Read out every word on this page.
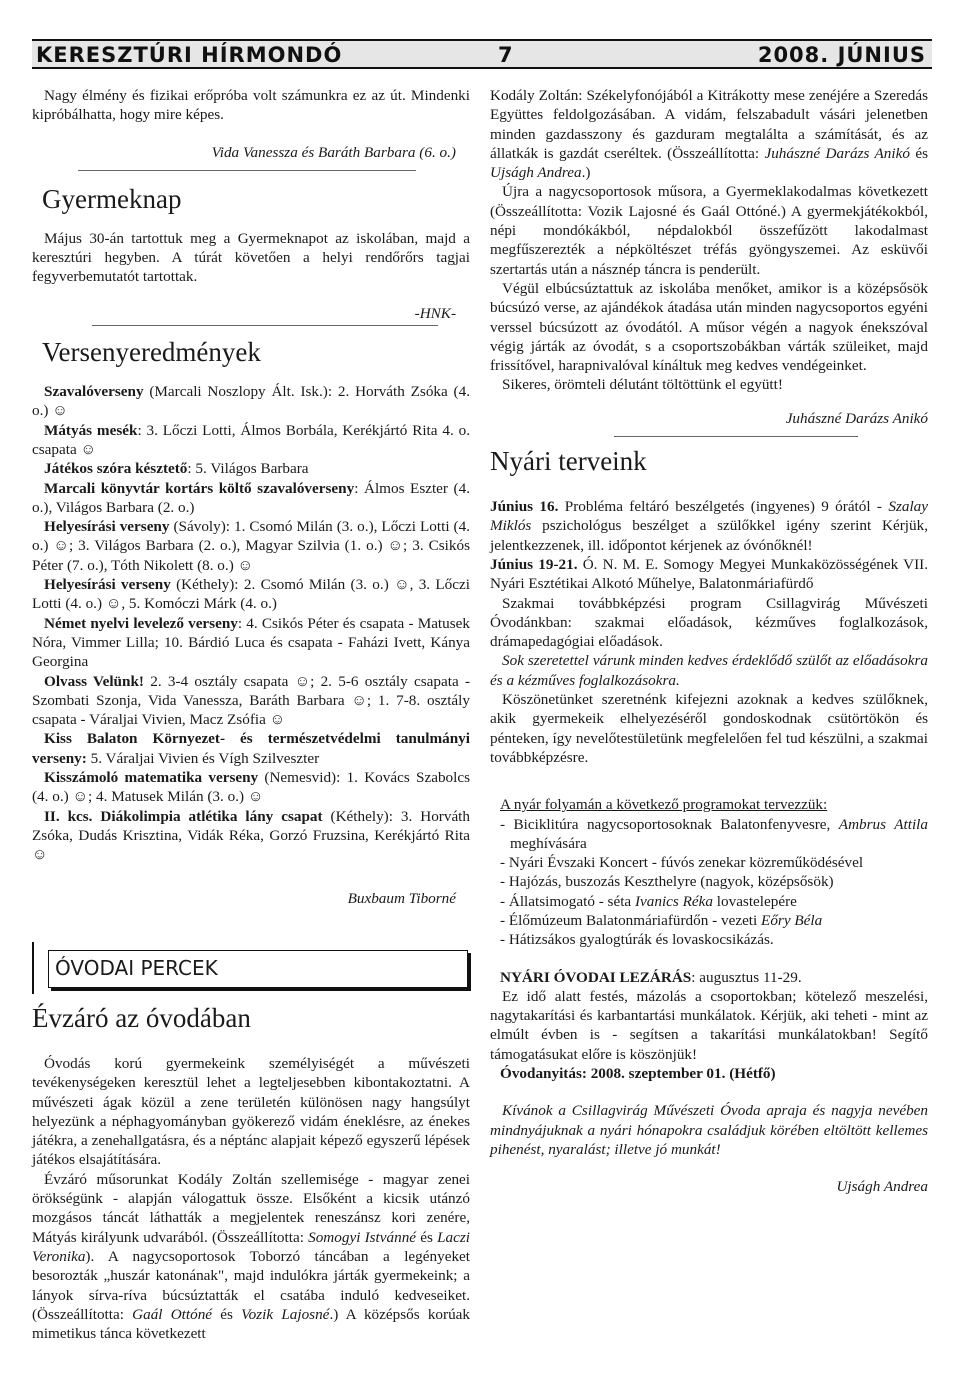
KERESZTÚRI HÍRMONDÓ	7	2008. JÚNIUS
Nagy élmény és fizikai erőpróba volt számunkra ez az út. Mindenki kipróbálhatta, hogy mire képes.
Vida Vanessza és Baráth Barbara (6. o.)
Gyermeknap
Május 30-án tartottuk meg a Gyermeknapot az iskolában, majd a keresztúri hegyben. A túrát követően a helyi rendőrőrs tagjai fegyverbemutatót tartottak.
-HNK-
Versenyeredmények
Szavalóverseny (Marcali Noszlopy Ált. Isk.): 2. Horváth Zsóka (4. o.) ☺
Mátyás mesék: 3. Lőczi Lotti, Álmos Borbála, Kerékjártó Rita 4. o. csapata ☺
Játékos szóra késztető: 5. Világos Barbara
Marcali könyvtár kortárs költő szavalóverseny: Álmos Eszter (4. o.), Világos Barbara (2. o.)
Helyesírási verseny (Sávoly): 1. Csomó Milán (3. o.), Lőczi Lotti (4. o.) ☺; 3. Világos Barbara (2. o.), Magyar Szilvia (1. o.) ☺; 3. Csikós Péter (7. o.), Tóth Nikolett (8. o.) ☺
Helyesírási verseny (Kéthely): 2. Csomó Milán (3. o.) ☺, 3. Lőczi Lotti (4. o.) ☺, 5. Komóczi Márk (4. o.)
Német nyelvi levelező verseny: 4. Csikós Péter és csapata - Matusek Nóra, Vimmer Lilla; 10. Bárdió Luca és csapata - Faházi Ivett, Kánya Georgina
Olvass Velünk! 2. 3-4 osztály csapata ☺; 2. 5-6 osztály csapata - Szombati Szonja, Vida Vanessza, Baráth Barbara ☺; 1. 7-8. osztály csapata - Váraljai Vivien, Macz Zsófia ☺
Kiss Balaton Környezet- és természetvédelmi tanulmányi verseny: 5. Váraljai Vivien és Vígh Szilveszter
Kisszámoló matematika verseny (Nemesvid): 1. Kovács Szabolcs (4. o.) ☺; 4. Matusek Milán (3. o.) ☺
II. kcs. Diákolimpia atlétika lány csapat (Kéthely): 3. Horváth Zsóka, Dudás Krisztina, Vidák Réka, Gorzó Fruzsina, Kerékjártó Rita ☺
Buxbaum Tiborné
ÓVODAI PERCEK
Évzáró az óvodában
Óvodás korú gyermekeink személyiségét a művészeti tevékenységeken keresztül lehet a legteljesebben kibontakoztatni. A művészeti ágak közül a zene területén különösen nagy hangsúlyt helyezünk a néphagyományban gyökerező vidám éneklésre, az énekes játékra, a zenehallgatásra, és a néptánc alapjait képező egyszerű lépések játékos elsajátítására.
Évzáró műsorunkat Kodály Zoltán szellemisége - magyar zenei örökségünk - alapján válogattuk össze. Elsőként a kicsik utánzó mozgásos táncát láthatták a megjelentek reneszánsz kori zenére, Mátyás királyunk udvarából. (Összeállította: Somogyi Istvánné és Laczi Veronika). A nagycsoportosok Toborzó táncában a legényeket besorozták „huszár katonának", majd indulókra járták gyermekeink; a lányok sírva-ríva búcsúztatták el csatába induló kedveseiket. (Összeállította: Gaál Ottóné és Vozik Lajosné.) A középsős korúak mimetikus tánca következett
Kodály Zoltán: Székelyfonójából a Kitrákotty mese zenéjére a Szeredás Együttes feldolgozásában. A vidám, felszabadult vásári jelenetben minden gazdasszony és gazduram megtalálta a számítását, és az állatkák is gazdát cseréltek. (Összeállította: Juhászné Darázs Anikó és Ujságh Andrea.)
Újra a nagycsoportosok műsora, a Gyermeklakodalmas következett (Összeállította: Vozik Lajosné és Gaál Ottóné.) A gyermekjátékokból, népi mondókákból, népdalokból összefűzött lakodalmast megfűszerezték a népköltészet tréfás gyöngyszemei. Az esküvői szertartás után a násznép táncra is penderült.
Végül elbúcsúztattuk az iskolába menőket, amikor is a középsősök búcsúzó verse, az ajándékok átadása után minden nagycsoportos egyéni verssel búcsúzott az óvodától. A műsor végén a nagyok énekszóval végig járták az óvodát, s a csoportszobákban várták szüleiket, majd frissítővel, harapnivalóval kínáltuk meg kedves vendégeinket.
Sikeres, örömteli délutánt töltöttünk el együtt!
Juhászné Darázs Anikó
Nyári terveink
Június 16. Probléma feltáró beszélgetés (ingyenes) 9 órától - Szalay Miklós pszichológus beszélget a szülőkkel igény szerint Kérjük, jelentkezzenek, ill. időpontot kérjenek az óvónőknél!
Június 19-21. Ó. N. M. E. Somogy Megyei Munkaközösségének VII. Nyári Esztétikai Alkotó Műhelye, Balatonmáriafürdő
Szakmai továbbképzési program Csillagvirág Művészeti Óvodánkban: szakmai előadások, kézműves foglalkozások, drámapedagógiai előadások.
Sok szeretettel várunk minden kedves érdeklődő szülőt az előadásokra és a kézműves foglalkozásokra.
Köszönetünket szeretnénk kifejezni azoknak a kedves szülőknek, akik gyermekeik elhelyezéséről gondoskodnak csütörtökön és pénteken, így nevelőtestületünk megfelelően fel tud készülni, a szakmai továbbképzésre.
A nyár folyamán a következő programokat tervezzük:
- Biciklitúra nagycsoportosoknak Balatonfenyvesre, Ambrus Attila meghívására
- Nyári Évszaki Koncert - fúvós zenekar közreműködésével
- Hajózás, buszozás Keszthelyre (nagyok, középsősök)
- Állatsimogató - séta Ivanics Réka lovastelepére
- Élőmúzeum Balatonmáriafürdőn - vezeti Eőry Béla
- Hátizsákos gyalogtúrák és lovaskocsikázás.
NYÁRI ÓVODAI LEZÁRÁS: augusztus 11-29.
Ez idő alatt festés, mázolás a csoportokban; kötelező meszelési, nagytakarítási és karbantartási munkálatok. Kérjük, aki teheti - mint az elmúlt évben is - segítsen a takarítási munkálatokban! Segítő támogatásukat előre is köszönjük!
Óvodanyitás: 2008. szeptember 01. (Hétfő)
Kívánok a Csillagvirág Művészeti Óvoda apraja és nagyja nevében mindnyájuknak a nyári hónapokra családjuk körében eltöltött kellemes pihenést, nyaralást; illetve jó munkát!
Ujságh Andrea
